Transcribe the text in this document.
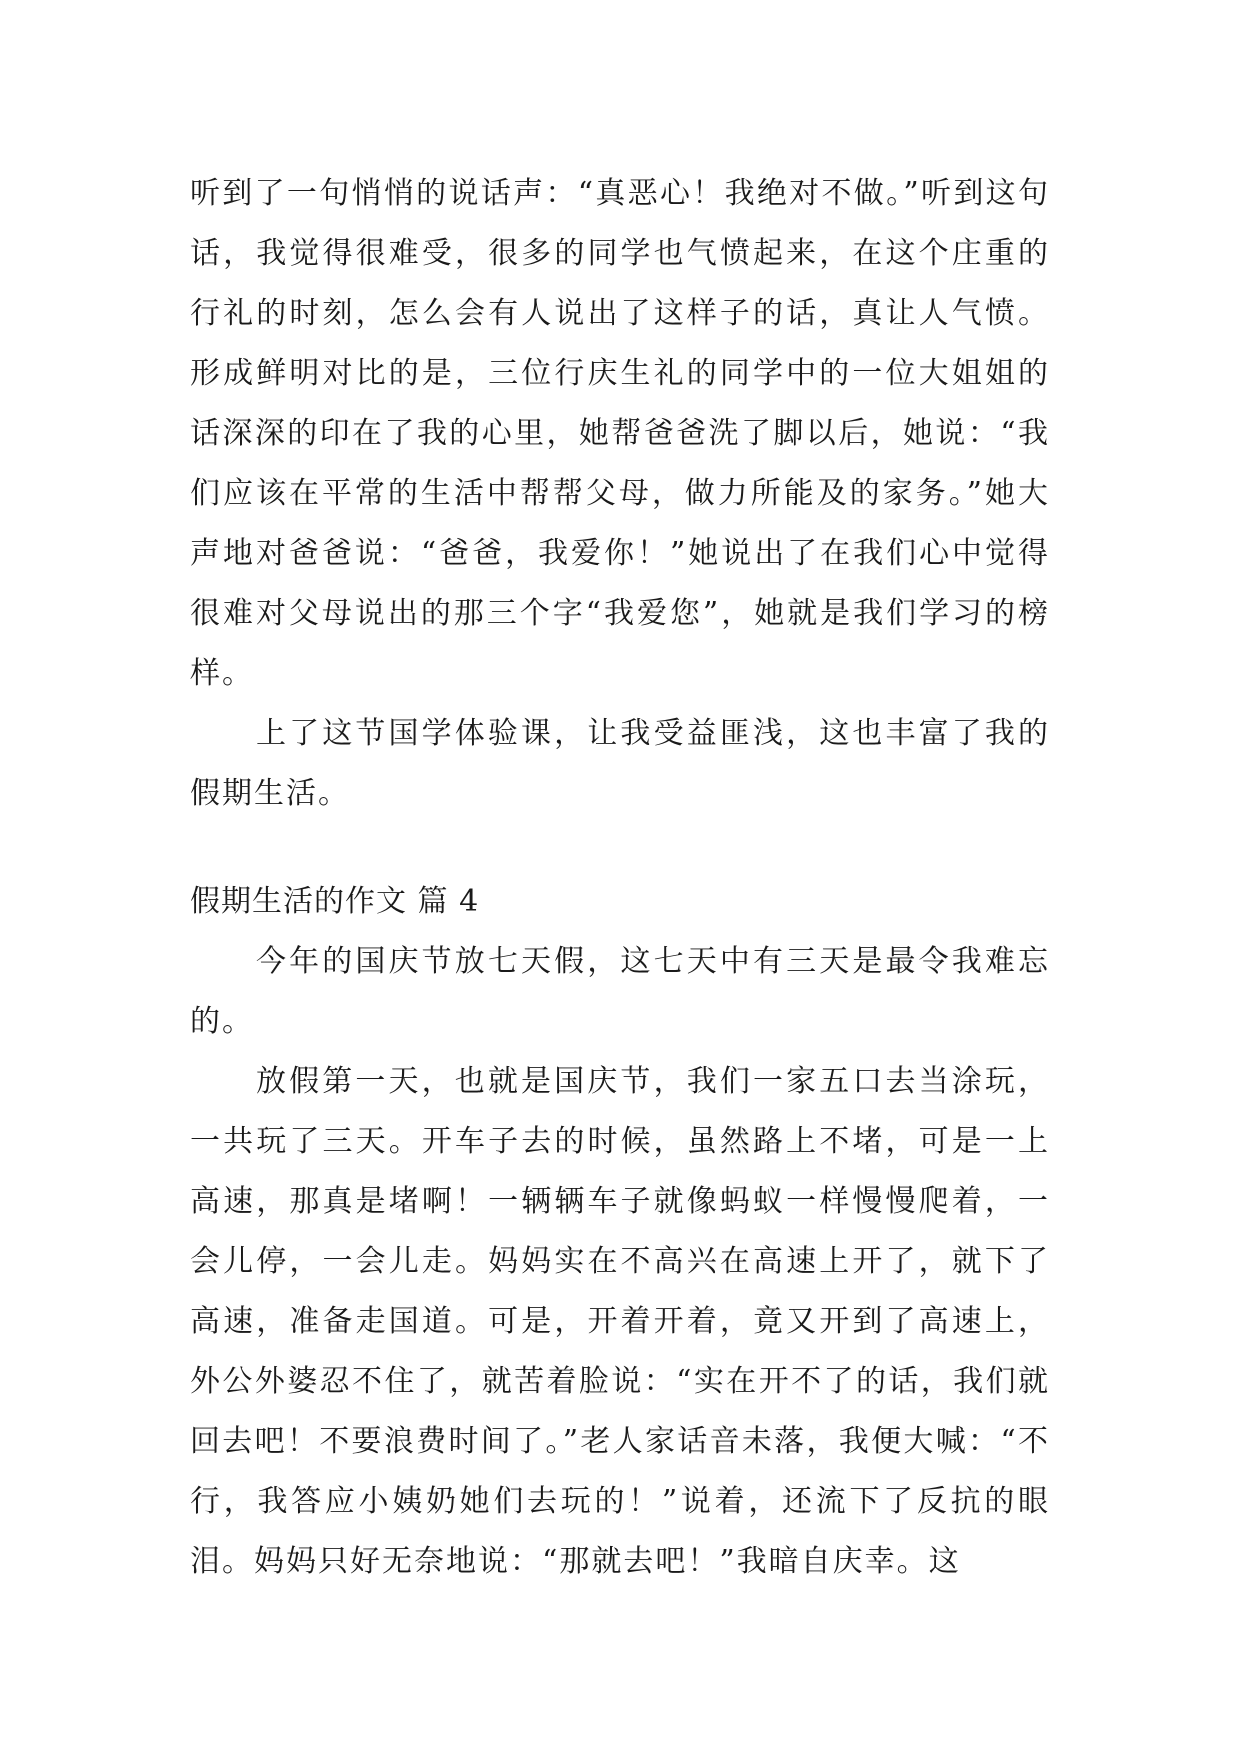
听到了一句悄悄的说话声：“真恶心！我绝对不做。”听到这句话，我觉得很难受，很多的同学也气愤起来，在这个庄重的行礼的时刻，怎么会有人说出了这样子的话，真让人气愤。形成鲜明对比的是，三位行庆生礼的同学中的一位大姐姐的话深深的印在了我的心里，她帮爸爸洗了脚以后，她说：“我们应该在平常的生活中帮帮父母，做力所能及的家务。”她大声地对爸爸说：“爸爸，我爱你！”她说出了在我们心中觉得很难对父母说出的那三个字“我爱您”，她就是我们学习的榜样。

上了这节国学体验课，让我受益匪浅，这也丰富了我的假期生活。

假期生活的作文 篇 4

今年的国庆节放七天假，这七天中有三天是最令我难忘的。

放假第一天，也就是国庆节，我们一家五口去当涂玩，一共玩了三天。开车子去的时候，虽然路上不堵，可是一上高速，那真是堵啊！一辆辆车子就像蚂蚁一样慢慢爬着，一会儿停，一会儿走。妈妈实在不高兴在高速上开了，就下了高速，准备走国道。可是，开着开着，竟又开到了高速上，外公外婆忍不住了，就苦着脸说：“实在开不了的话，我们就回去吧！不要浪费时间了。”老人家话音未落，我便大喊：“不行，我答应小姨奶她们去玩的！”说着，还流下了反抗的眼泪。妈妈只好无奈地说：“那就去吧！”我暗自庆幸。这
